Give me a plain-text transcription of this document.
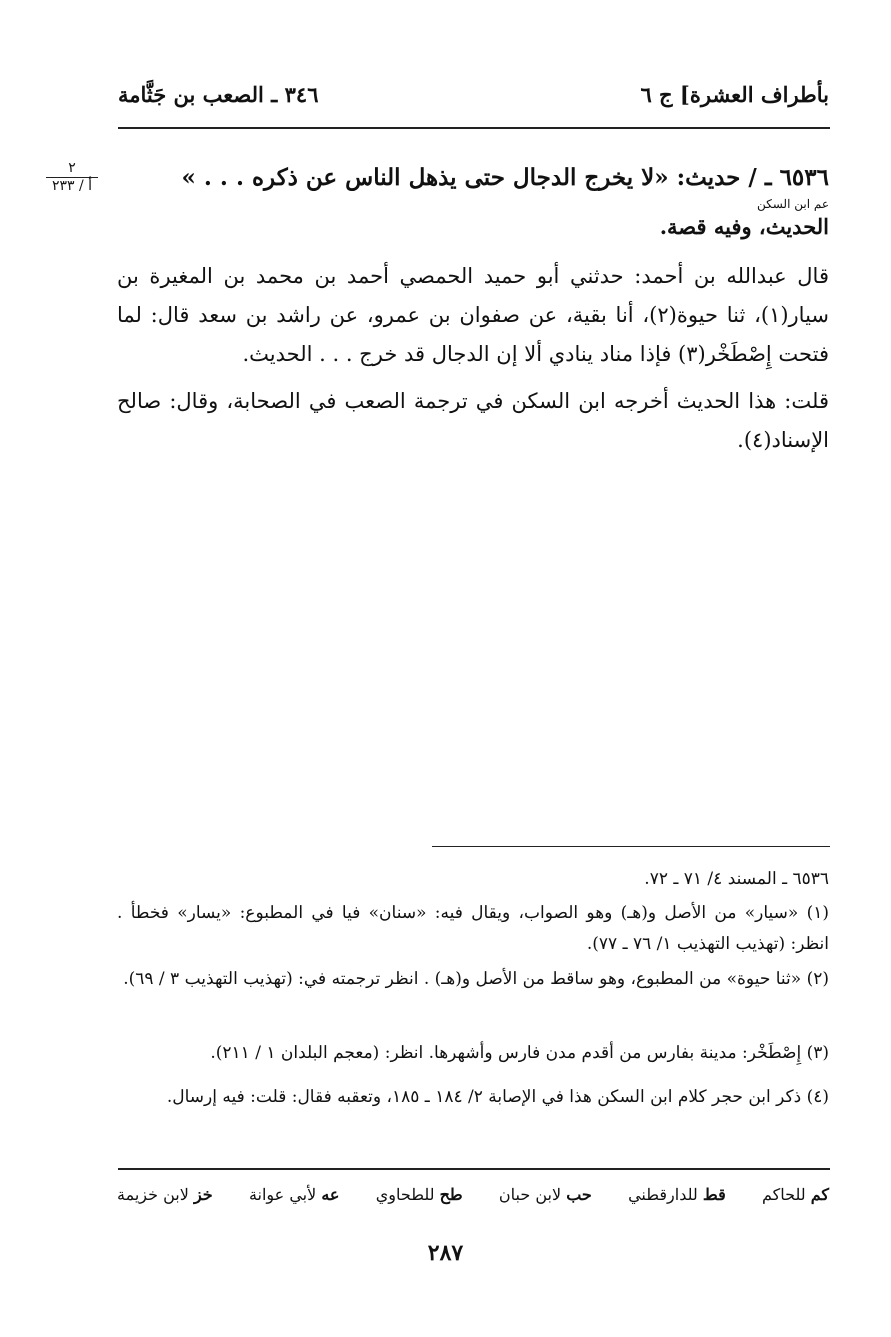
بأطراف العشرة] ج ٦
٣٤٦ ـ الصعب بن جَثَّامة
٢
أ / ٢٣٣	٦٥٣٦ ـ / حديث: «لا يخرج الدجال حتى يذهل الناس عن ذكره . . . »
عم ابن السكن
الحديث، وفيه قصة.
قال عبدالله بن أحمد: حدثني أبو حميد الحمصي أحمد بن محمد بن المغيرة بن سيار(١)، ثنا حيوة(٢)، أنا بقية، عن صفوان بن عمرو، عن راشد بن سعد قال: لما فتحت إِصْطَخْر(٣) فإذا مناد ينادي ألا إن الدجال قد خرج . . . الحديث.
قلت: هذا الحديث أخرجه ابن السكن في ترجمة الصعب في الصحابة، وقال: صالح الإسناد(٤).
٦٥٣٦ ـ المسند ٤/ ٧١ ـ ٧٢.
(١) «سيار» من الأصل و(هـ) وهو الصواب، ويقال فيه: «سنان» فيا في المطبوع: «يسار» فخطأ . انظر: (تهذيب التهذيب ١/ ٧٦ ـ ٧٧).
(٢) «ثنا حيوة» من المطبوع، وهو ساقط من الأصل و(هـ) . انظر ترجمته في: (تهذيب التهذيب ٣ / ٦٩).
(٣) إِصْطَخْر: مدينة بفارس من أقدم مدن فارس وأشهرها. انظر: (معجم البلدان ١ / ٢١١).
(٤) ذكر ابن حجر كلام ابن السكن هذا في الإصابة ٢/ ١٨٤ ـ ١٨٥، وتعقبه فقال: قلت: فيه إرسال.
خز لابن خزيمة	عه لأبي عوانة	طح للطحاوي	حب لابن حبان	قط للدارقطني	كم للحاكم
٢٨٧
